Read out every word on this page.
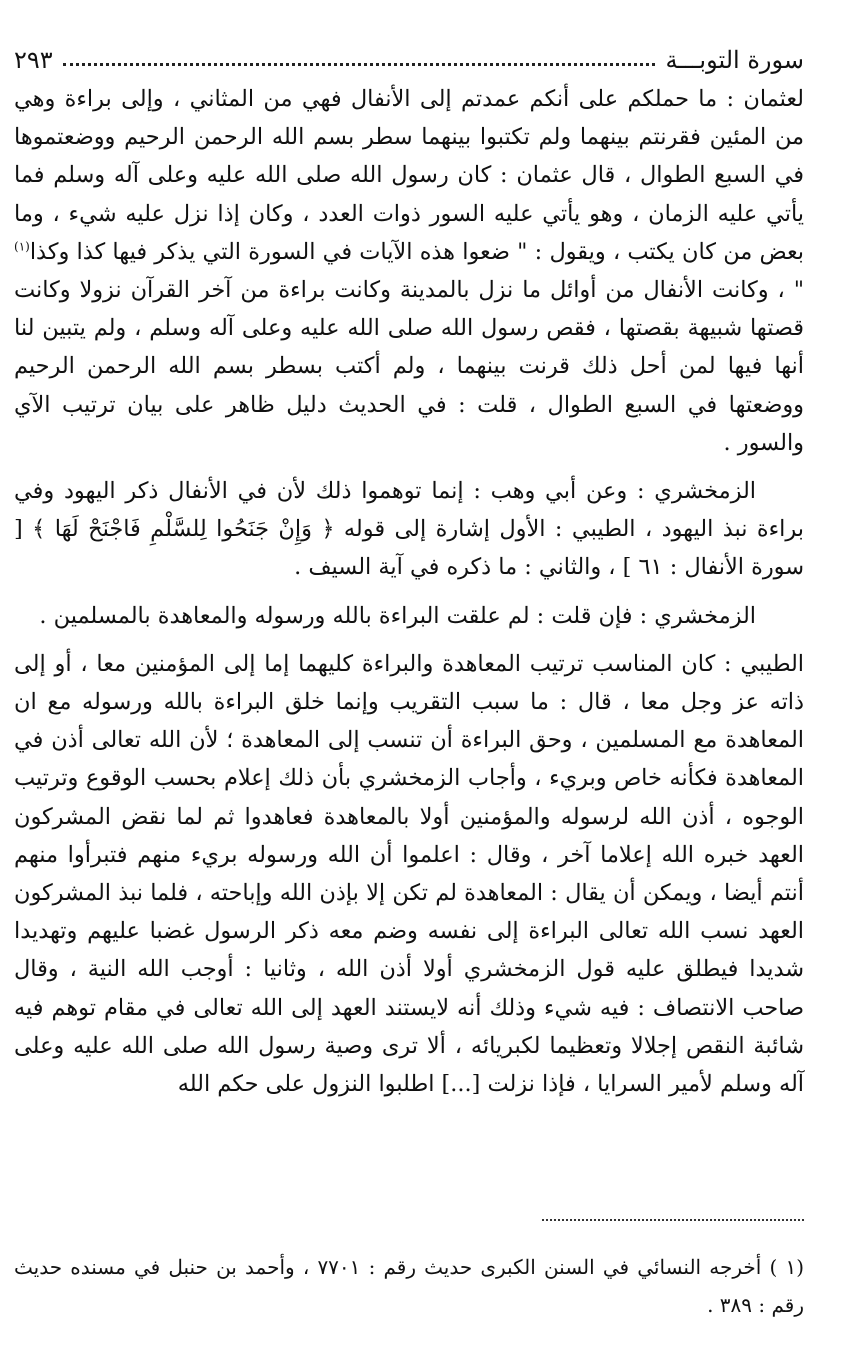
سورة التوبـــة
٢٩٣

لعثمان : ما حملكم على أنكم عمدتم إلى الأنفال فهي من المثاني ، وإلى براءة وهي من المئين فقرنتم بينهما ولم تكتبوا بينهما سطر بسم الله الرحمن الرحيم ووضعتموها في السبع الطوال ، قال عثمان : كان رسول الله صلى الله عليه وعلى آله وسلم فما يأتي عليه الزمان ، وهو يأتي عليه السور ذوات العدد ، وكان إذا نزل عليه شيء ، وما بعض من كان يكتب ، ويقول : " ضعوا هذه الآيات في السورة التي يذكر فيها كذا وكذا$^{(١)}$ " ، وكانت الأنفال من أوائل ما نزل بالمدينة وكانت براءة من آخر القرآن نزولا وكانت قصتها شبيهة بقصتها ، فقص رسول الله صلى الله عليه وعلى آله وسلم ، ولم يتبين لنا أنها فيها لمن أحل ذلك قرنت بينهما ، ولم أكتب بسطر بسم الله الرحمن الرحيم ووضعتها في السبع الطوال ، قلت : في الحديث دليل ظاهر على بيان ترتيب الآي والسور .

الزمخشري : وعن أبي وهب : إنما توهموا ذلك لأن في الأنفال ذكر اليهود وفي براءة نبذ اليهود ، الطيبي : الأول إشارة إلى قوله ﴿ وَإِنْ جَنَحُوا لِلسَّلْمِ فَاجْنَحْ لَهَا ﴾ [ سورة الأنفال : ٦١ ] ، والثاني : ما ذكره في آية السيف .

الزمخشري : فإن قلت : لم علقت البراءة بالله ورسوله والمعاهدة بالمسلمين .

الطيبي : كان المناسب ترتيب المعاهدة والبراءة كليهما إما إلى المؤمنين معا ، أو إلى ذاته عز وجل معا ، قال : ما سبب التقريب وإنما خلق البراءة بالله ورسوله مع ان المعاهدة مع المسلمين ، وحق البراءة أن تنسب إلى المعاهدة ؛ لأن الله تعالى أذن في المعاهدة فكأنه خاص وبريء ، وأجاب الزمخشري بأن ذلك إعلام بحسب الوقوع وترتيب الوجوه ، أذن الله لرسوله والمؤمنين أولا بالمعاهدة فعاهدوا ثم لما نقض المشركون العهد خبره الله إعلاما آخر ، وقال : اعلموا أن الله ورسوله بريء منهم فتبرأوا منهم أنتم أيضا ، ويمكن أن يقال : المعاهدة لم تكن إلا بإذن الله وإباحته ، فلما نبذ المشركون العهد نسب الله تعالى البراءة إلى نفسه وضم معه ذكر الرسول غضبا عليهم وتهديدا شديدا فيطلق عليه قول الزمخشري أولا أذن الله ، وثانيا : أوجب الله النية ، وقال صاحب الانتصاف : فيه شيء وذلك أنه لايستند العهد إلى الله تعالى في مقام توهم فيه شائبة النقص إجلالا وتعظيما لكبريائه ، ألا ترى وصية رسول الله صلى الله عليه وعلى آله وسلم لأمير السرايا ، فإذا نزلت [...] اطلبوا النزول على حكم الله

(١ ) أخرجه النسائي في السنن الكبرى حديث رقم : ٧٧٠١ ، وأحمد بن حنبل في مسنده حديث رقم : ٣٨٩ .
